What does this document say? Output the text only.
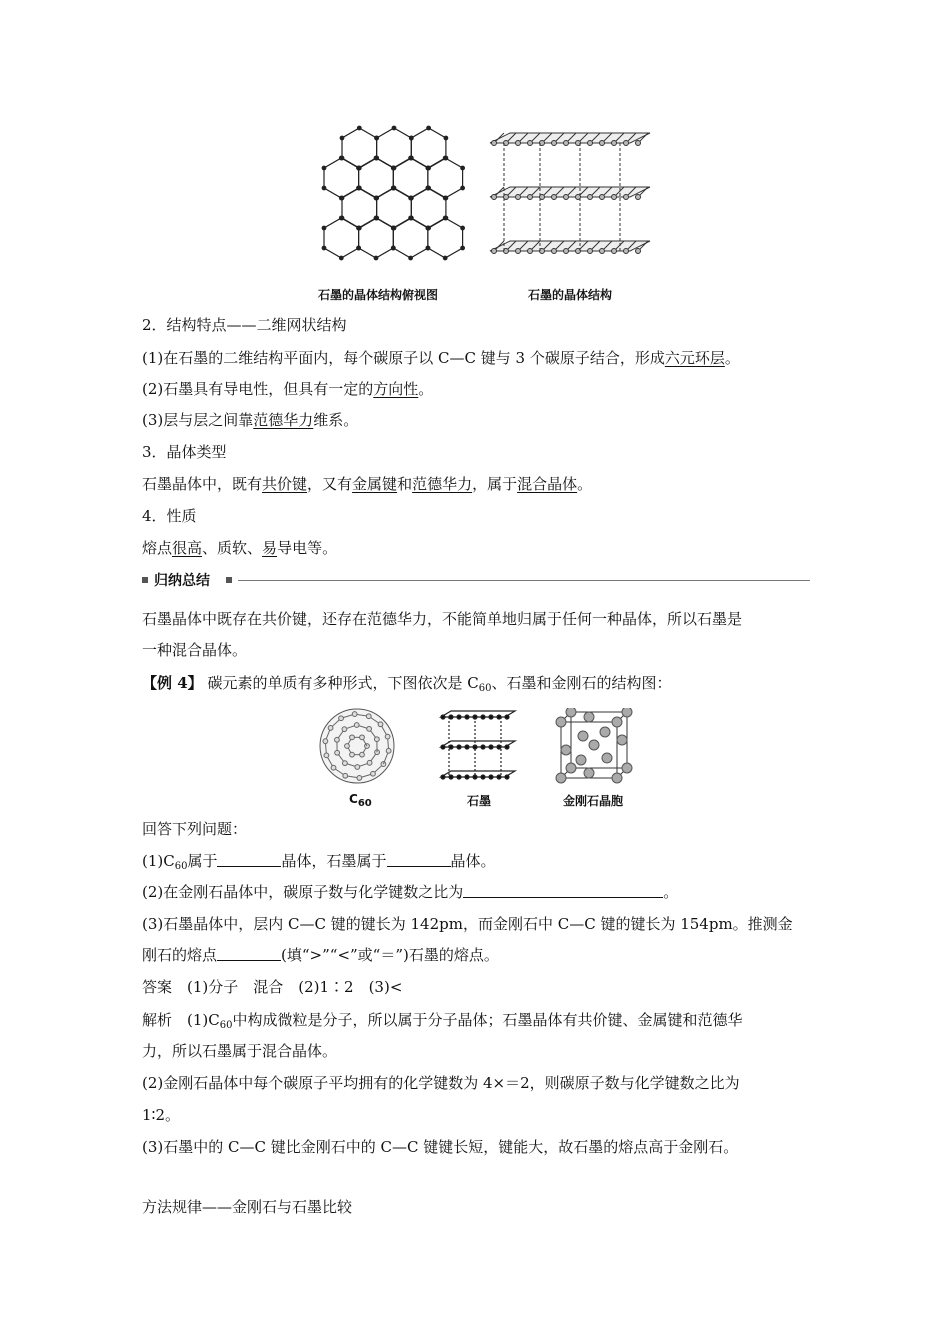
石墨的晶体结构俯视图	石墨的晶体结构
2．结构特点——二维网状结构
(1)在石墨的二维结构平面内，每个碳原子以 C—C 键与 3 个碳原子结合，形成六元环层。
(2)石墨具有导电性，但具有一定的方向性。
(3)层与层之间靠范德华力维系。
3．晶体类型
石墨晶体中，既有共价键，又有金属键和范德华力，属于混合晶体。
4．性质
熔点很高、质软、易导电等。
归纳总结
石墨晶体中既存在共价键，还存在范德华力，不能简单地归属于任何一种晶体，所以石墨是
一种混合晶体。
【例 4】 碳元素的单质有多种形式，下图依次是 $C_{60}$、石墨和金刚石的结构图：
$C_{60}$	石墨	金刚石晶胞
回答下列问题：
$(1)C_{60}$属于	晶体，石墨属于	晶体。
(2)在金刚石晶体中，碳原子数与化学键数之比为	。
(3)石墨晶体中，层内 C—C 键的键长为 142pm，而金刚石中 C—C 键的键长为 154pm。推测金
刚石的熔点	(填“>”“<”或“＝”)石墨的熔点。
答案　(1)分子　混合　(2)1∶2　(3)<
解析　$(1)C_{60}$中构成微粒是分子，所以属于分子晶体；石墨晶体有共价键、金属键和范德华
力，所以石墨属于混合晶体。
(2)金刚石晶体中每个碳原子平均拥有的化学键数为 4×＝2，则碳原子数与化学键数之比为
1∶2。
(3)石墨中的 C—C 键比金刚石中的 C—C 键键长短，键能大，故石墨的熔点高于金刚石。
方法规律——金刚石与石墨比较
